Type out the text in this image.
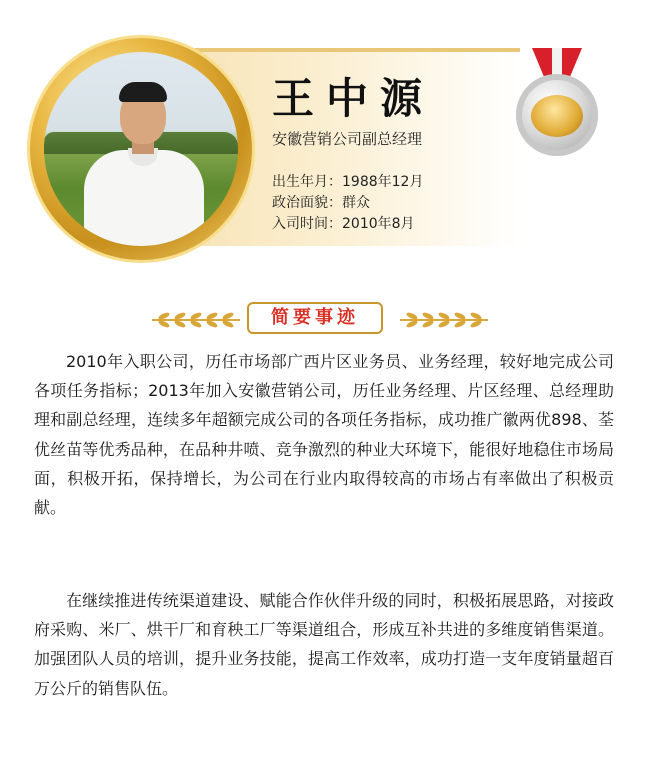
王中源
安徽营销公司副总经理
出生年月：1988年12月
政治面貌：群众
入司时间：2010年8月
简要事迹

2010年入职公司，历任市场部广西片区业务员、业务经理，较好地完成公司各项任务指标；2013年加入安徽营销公司，历任业务经理、片区经理、总经理助理和副总经理，连续多年超额完成公司的各项任务指标，成功推广徽两优898、荃优丝苗等优秀品种，在品种井喷、竞争激烈的种业大环境下，能很好地稳住市场局面，积极开拓，保持增长，为公司在行业内取得较高的市场占有率做出了积极贡献。

在继续推进传统渠道建设、赋能合作伙伴升级的同时，积极拓展思路，对接政府采购、米厂、烘干厂和育秧工厂等渠道组合，形成互补共进的多维度销售渠道。加强团队人员的培训，提升业务技能，提高工作效率，成功打造一支年度销量超百万公斤的销售队伍。
